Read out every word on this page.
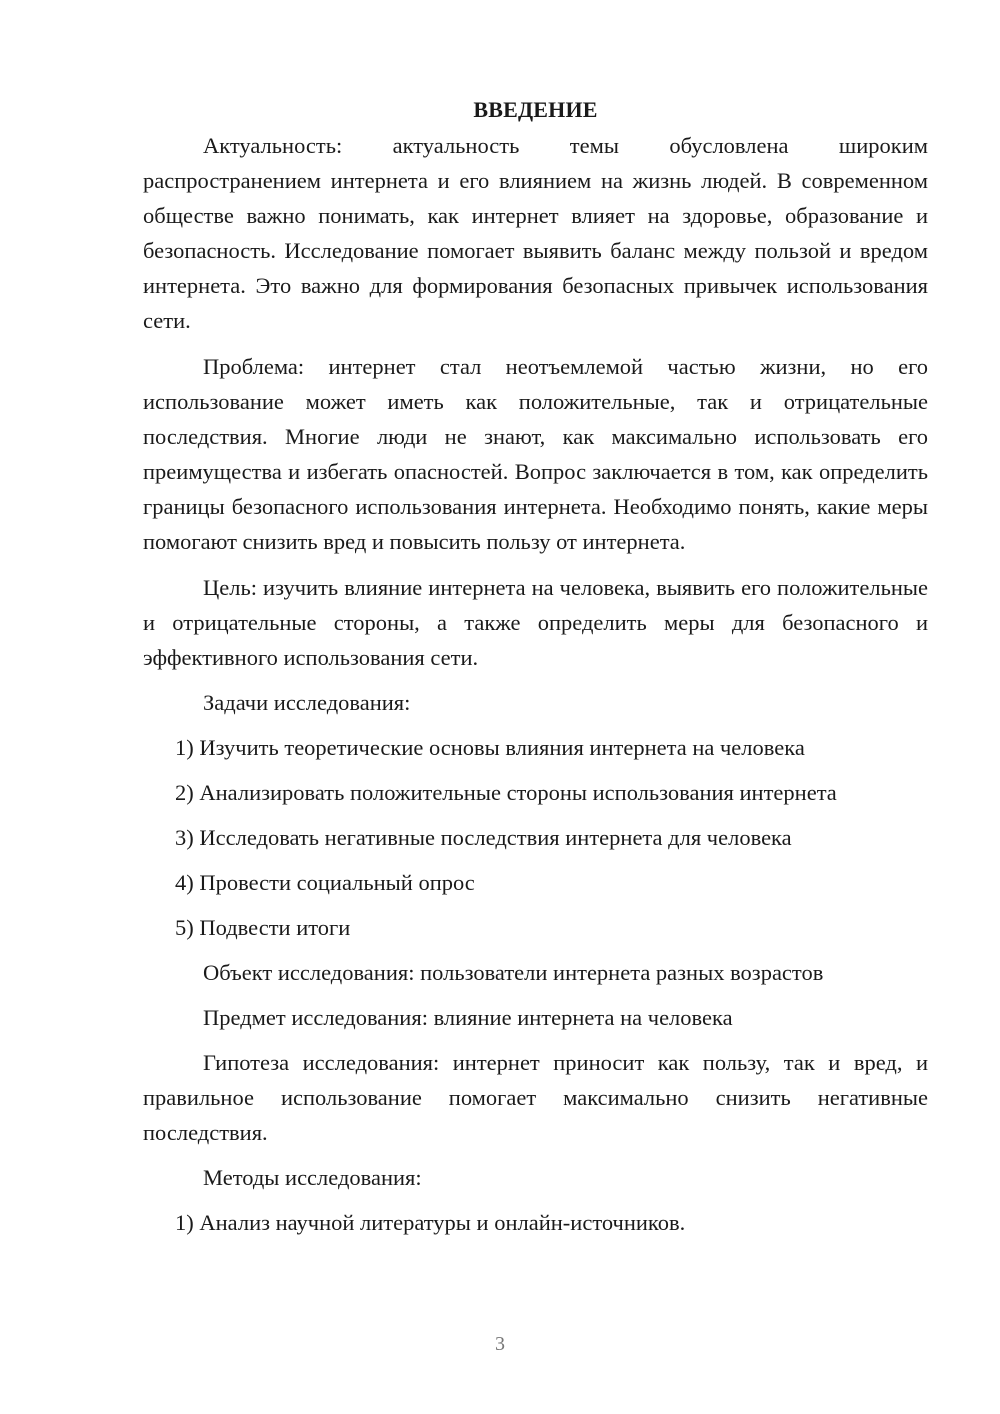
ВВЕДЕНИЕ

Актуальность: актуальность темы обусловлена широким распространением интернета и его влиянием на жизнь людей. В современном обществе важно понимать, как интернет влияет на здоровье, образование и безопасность. Исследование помогает выявить баланс между пользой и вредом интернета. Это важно для формирования безопасных привычек использования сети.

Проблема: интернет стал неотъемлемой частью жизни, но его использование может иметь как положительные, так и отрицательные последствия. Многие люди не знают, как максимально использовать его преимущества и избегать опасностей. Вопрос заключается в том, как определить границы безопасного использования интернета. Необходимо понять, какие меры помогают снизить вред и повысить пользу от интернета.

Цель: изучить влияние интернета на человека, выявить его положительные и отрицательные стороны, а также определить меры для безопасного и эффективного использования сети.

Задачи исследования:

1) Изучить теоретические основы влияния интернета на человека

2) Анализировать положительные стороны использования интернета

3) Исследовать негативные последствия интернета для человека

4) Провести социальный опрос

5) Подвести итоги

Объект исследования: пользователи интернета разных возрастов

Предмет исследования: влияние интернета на человека

Гипотеза исследования: интернет приносит как пользу, так и вред, и правильное использование помогает максимально снизить негативные последствия.

Методы исследования:

1) Анализ научной литературы и онлайн-источников.

3
